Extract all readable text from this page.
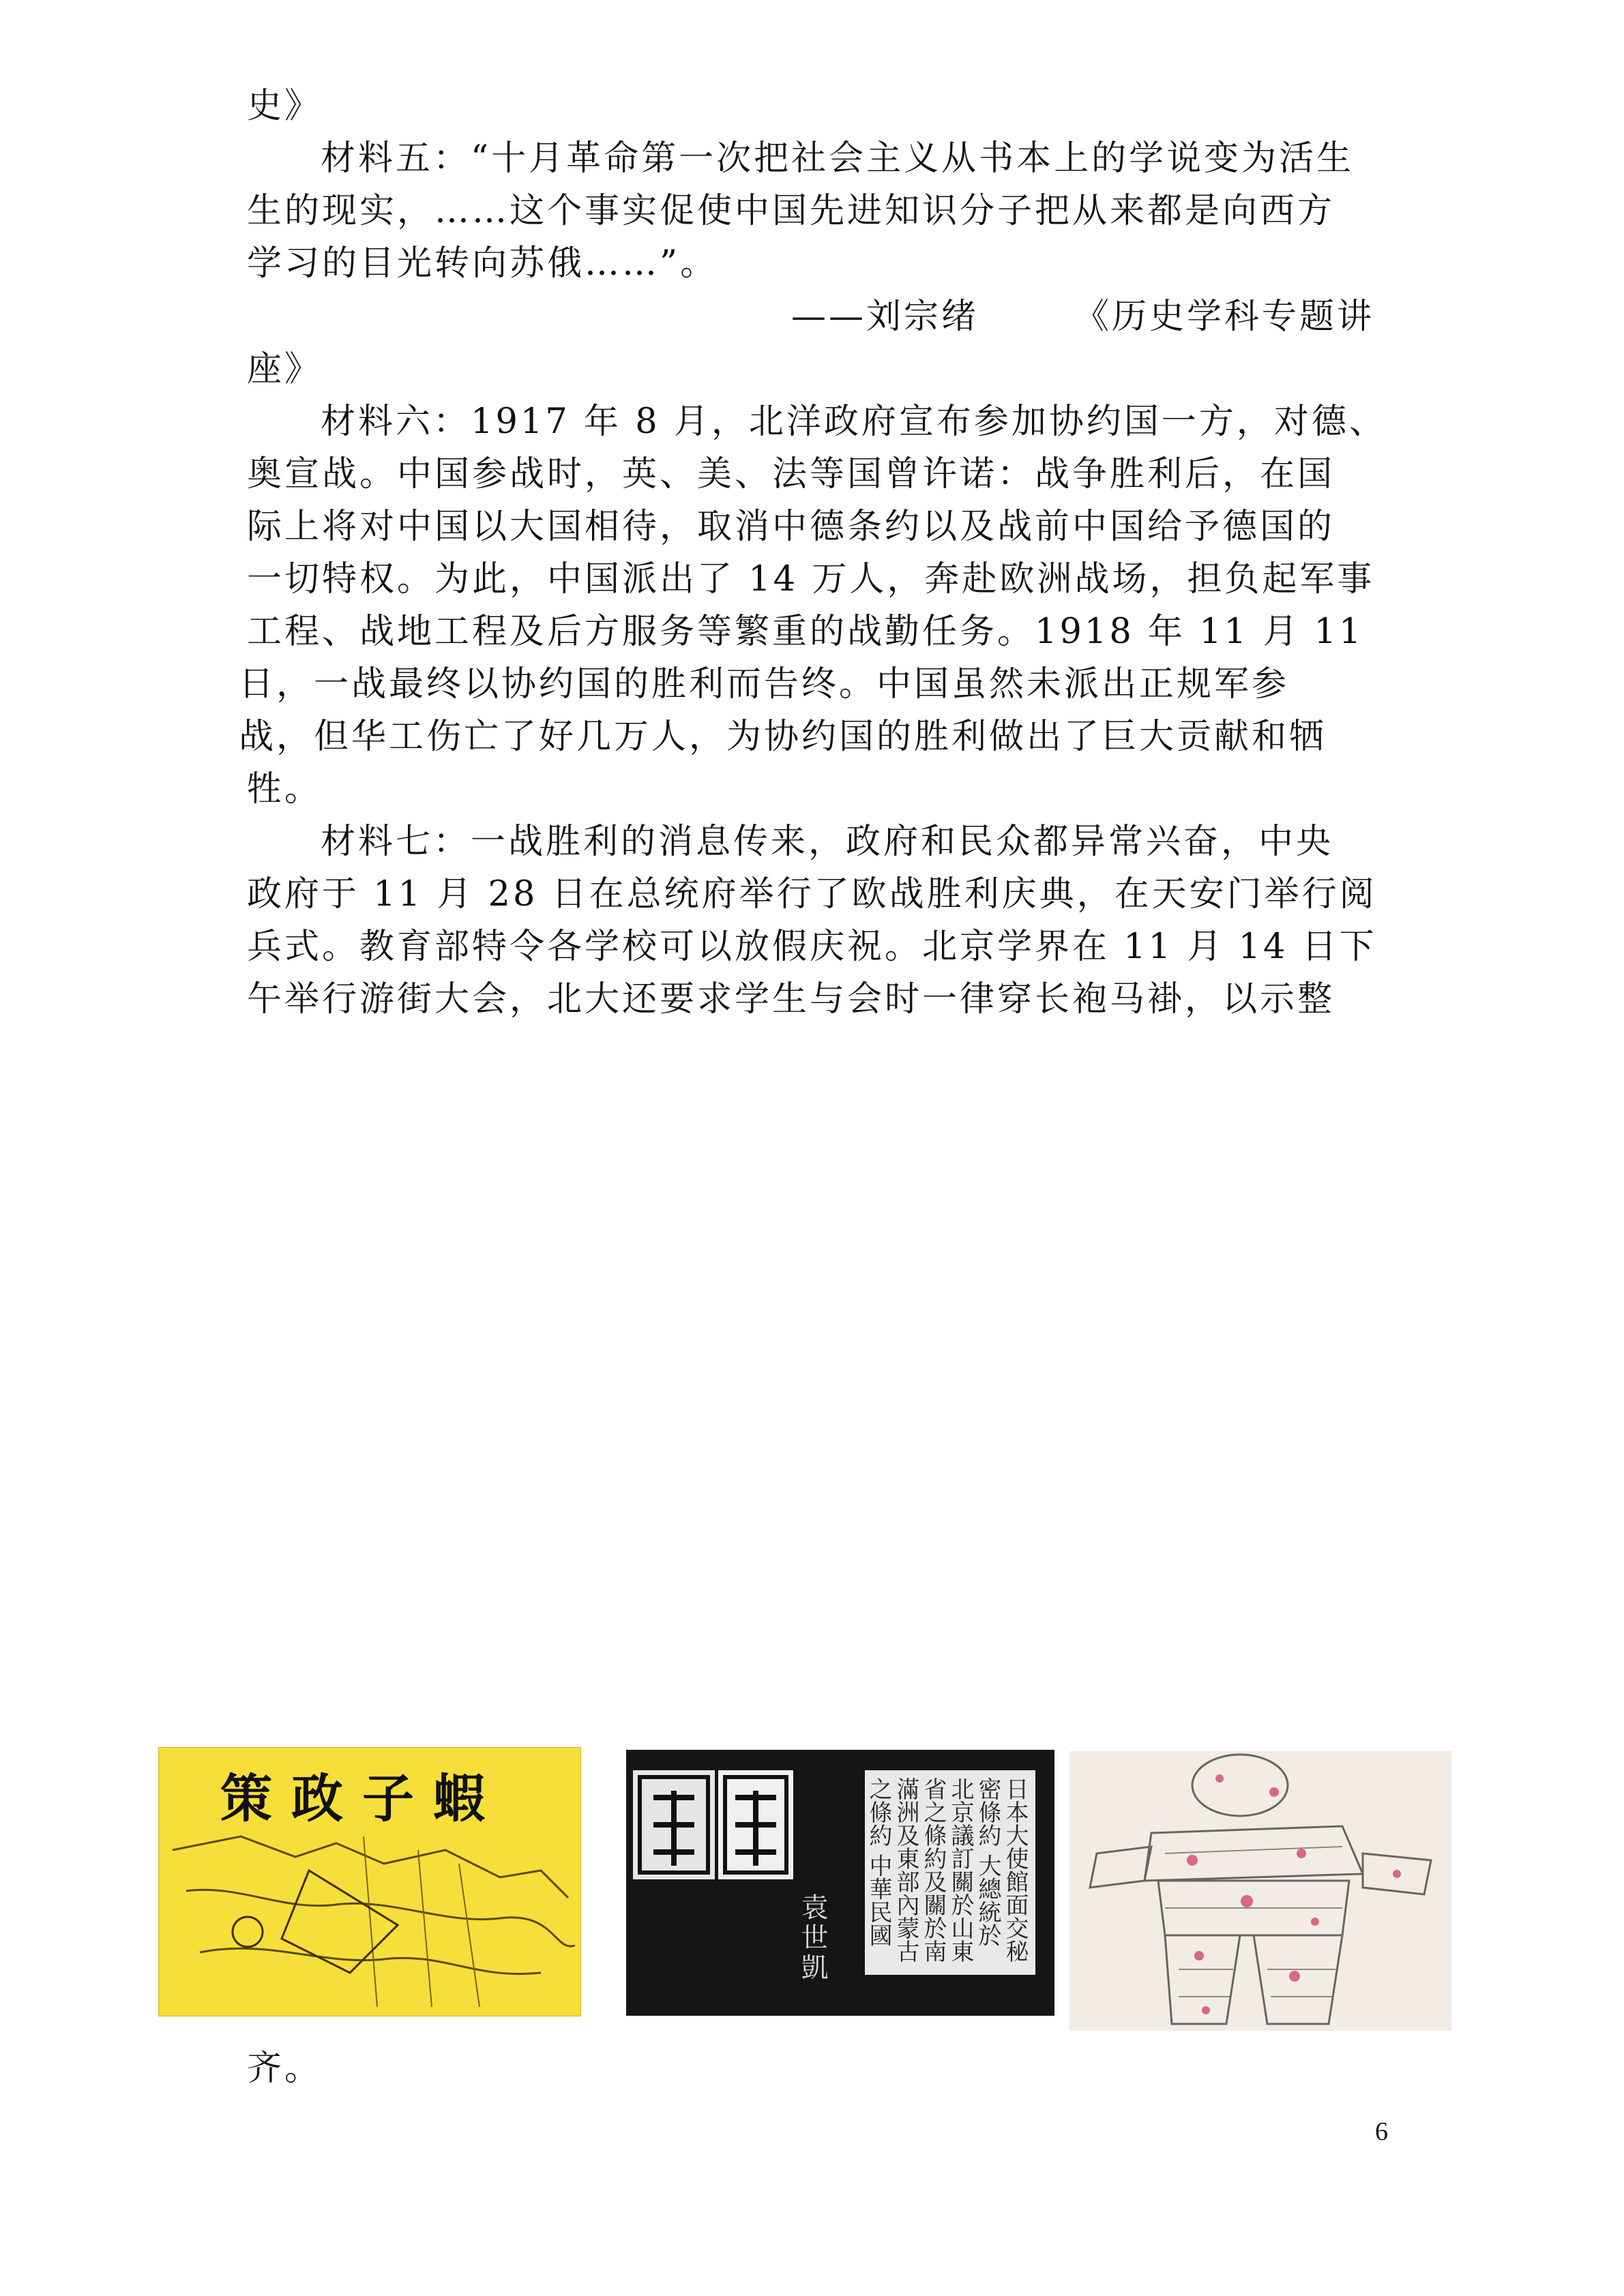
史》
材料五：“十月革命第一次把社会主义从书本上的学说变为活生
生的现实，……这个事实促使中国先进知识分子把从来都是向西方
学习的目光转向苏俄……”。
——刘宗绪	《历史学科专题讲
座》
材料六：1917 年 8 月，北洋政府宣布参加协约国一方，对德、
奥宣战。中国参战时，英、美、法等国曾许诺：战争胜利后，在国
际上将对中国以大国相待，取消中德条约以及战前中国给予德国的
一切特权。为此，中国派出了 14 万人，奔赴欧洲战场，担负起军事
工程、战地工程及后方服务等繁重的战勤任务。1918 年 11 月 11
日，一战最终以协约国的胜利而告终。中国虽然未派出正规军参
战，但华工伤亡了好几万人，为协约国的胜利做出了巨大贡献和牺
牲。
材料七：一战胜利的消息传来，政府和民众都异常兴奋，中央
政府于 11 月 28 日在总统府举行了欧战胜利庆典，在天安门举行阅
兵式。教育部特令各学校可以放假庆祝。北京学界在 11 月 14 日下
午举行游街大会，北大还要求学生与会时一律穿长袍马褂，以示整
策政子蝦
袁世凱	日本大使館面交秘密條約 大總統於北京議訂關於山東省之條約及關於南滿洲及東部內蒙古之條約 中華民國
齐。
6
